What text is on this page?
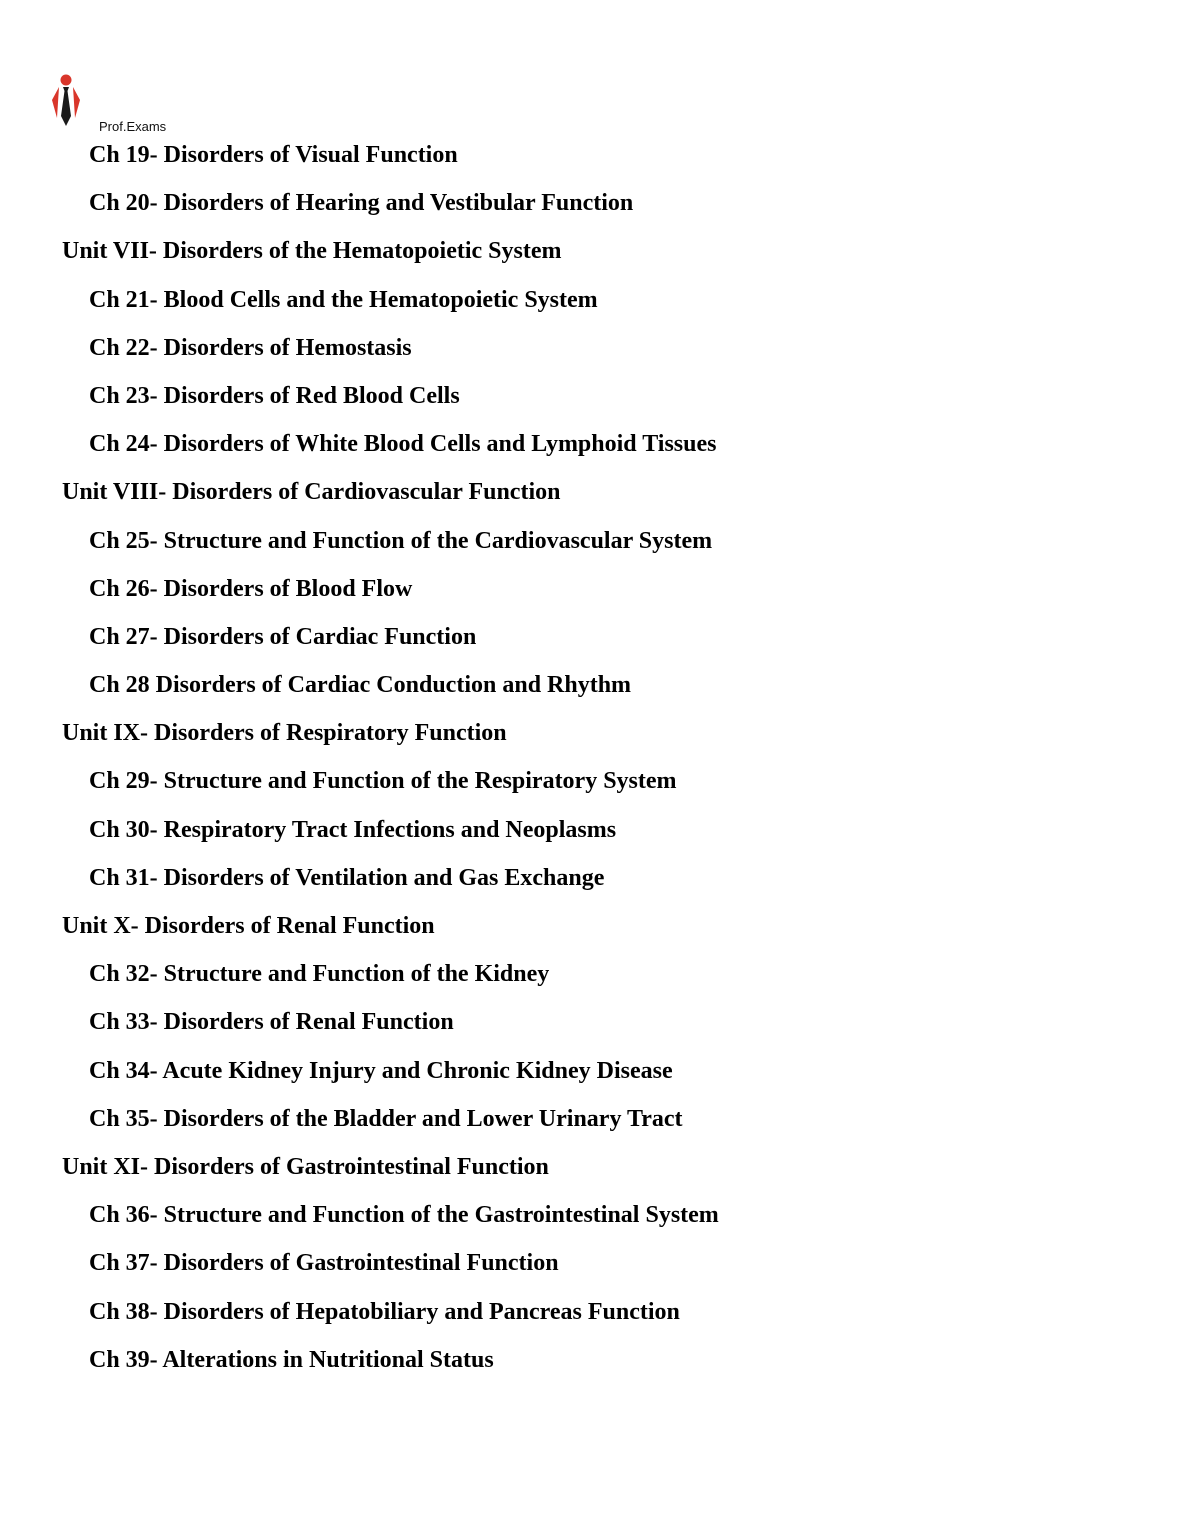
Prof.Exams
Ch 19- Disorders of Visual Function
Ch 20- Disorders of Hearing and Vestibular Function
Unit VII- Disorders of the Hematopoietic System
Ch 21- Blood Cells and the Hematopoietic System
Ch 22- Disorders of Hemostasis
Ch 23- Disorders of Red Blood Cells
Ch 24- Disorders of White Blood Cells and Lymphoid Tissues
Unit VIII- Disorders of Cardiovascular Function
Ch 25- Structure and Function of the Cardiovascular System
Ch 26- Disorders of Blood Flow
Ch 27- Disorders of Cardiac Function
Ch 28 Disorders of Cardiac Conduction and Rhythm
Unit IX- Disorders of Respiratory Function
Ch 29- Structure and Function of the Respiratory System
Ch 30- Respiratory Tract Infections and Neoplasms
Ch 31- Disorders of Ventilation and Gas Exchange
Unit X- Disorders of Renal Function
Ch 32- Structure and Function of the Kidney
Ch 33- Disorders of Renal Function
Ch 34- Acute Kidney Injury and Chronic Kidney Disease
Ch 35- Disorders of the Bladder and Lower Urinary Tract
Unit XI- Disorders of Gastrointestinal Function
Ch 36- Structure and Function of the Gastrointestinal System
Ch 37- Disorders of Gastrointestinal Function
Ch 38- Disorders of Hepatobiliary and Pancreas Function
Ch 39- Alterations in Nutritional Status
